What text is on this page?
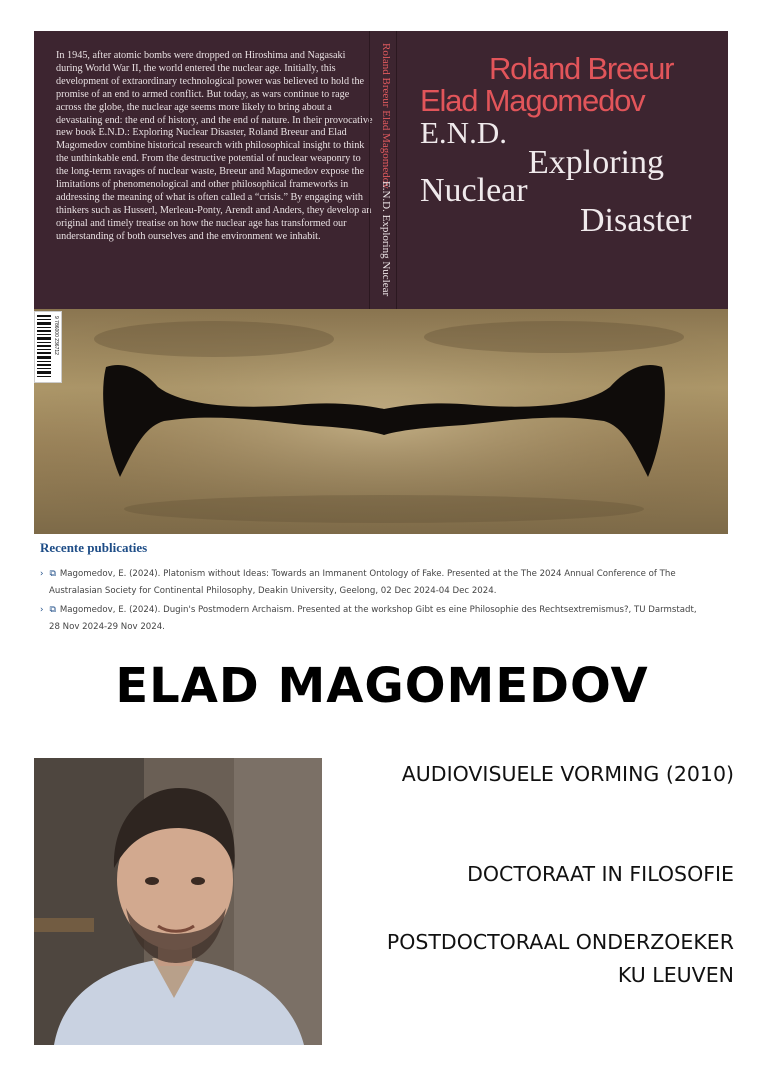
In 1945, after atomic bombs were dropped on Hiroshima and Nagasaki during World War II, the world entered the nuclear age. Initially, this development of extraordinary technological power was believed to hold the promise of an end to armed conflict. But today, as wars continue to rage across the globe, the nuclear age seems more likely to bring about a devastating end: the end of history, and the end of nature. In their provocative new book E.N.D.: Exploring Nuclear Disaster, Roland Breeur and Elad Magomedov combine historical research with philosophical insight to think the unthinkable end. From the destructive potential of nuclear weaponry to the long-term ravages of nuclear waste, Breeur and Magomedov expose the limitations of phenomenological and other philosophical frameworks in addressing the meaning of what is often called a “crisis.” By engaging with thinkers such as Husserl, Merleau-Ponty, Arendt and Anders, they develop an original and timely treatise on how the nuclear age has transformed our understanding of both ourselves and the environment we inhabit.

Roland Breeur Elad Magomedov
E.N.D. Exploring Nuclear
Roland Breeur
Elad Magomedov
E.N.D.
Exploring
Nuclear
Disaster
9 786000 236712
Recente publicaties
› ⧉ Magomedov, E. (2024). Platonism without Ideas: Towards an Immanent Ontology of Fake. Presented at the The 2024 Annual Conference of The
Australasian Society for Continental Philosophy, Deakin University, Geelong, 02 Dec 2024-04 Dec 2024.
› ⧉ Magomedov, E. (2024). Dugin's Postmodern Archaism. Presented at the workshop Gibt es eine Philosophie des Rechtsextremismus?, TU Darmstadt,
28 Nov 2024-29 Nov 2024.
ELAD MAGOMEDOV

AUDIOVISUELE VORMING (2010)

DOCTORAAT IN FILOSOFIE

POSTDOCTORAAL ONDERZOEKER

KU LEUVEN
